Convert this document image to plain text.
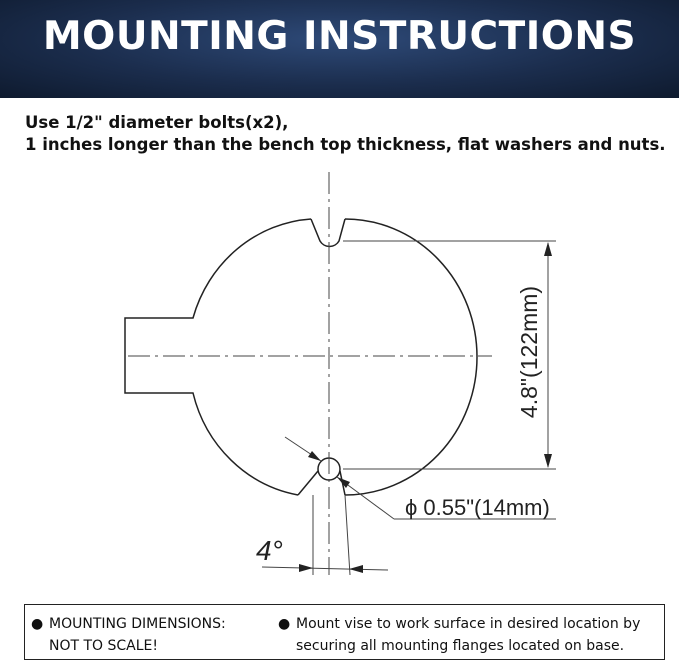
MOUNTING INSTRUCTIONS
Use 1/2" diameter bolts(x2),
1 inches longer than the bench top thickness, flat washers and nuts.
4.8"(122mm)
ϕ 0.55"(14mm)
4°
● MOUNTING DIMENSIONS:
NOT TO SCALE!
● Mount vise to work surface in desired location by
securing all mounting flanges located on base.
